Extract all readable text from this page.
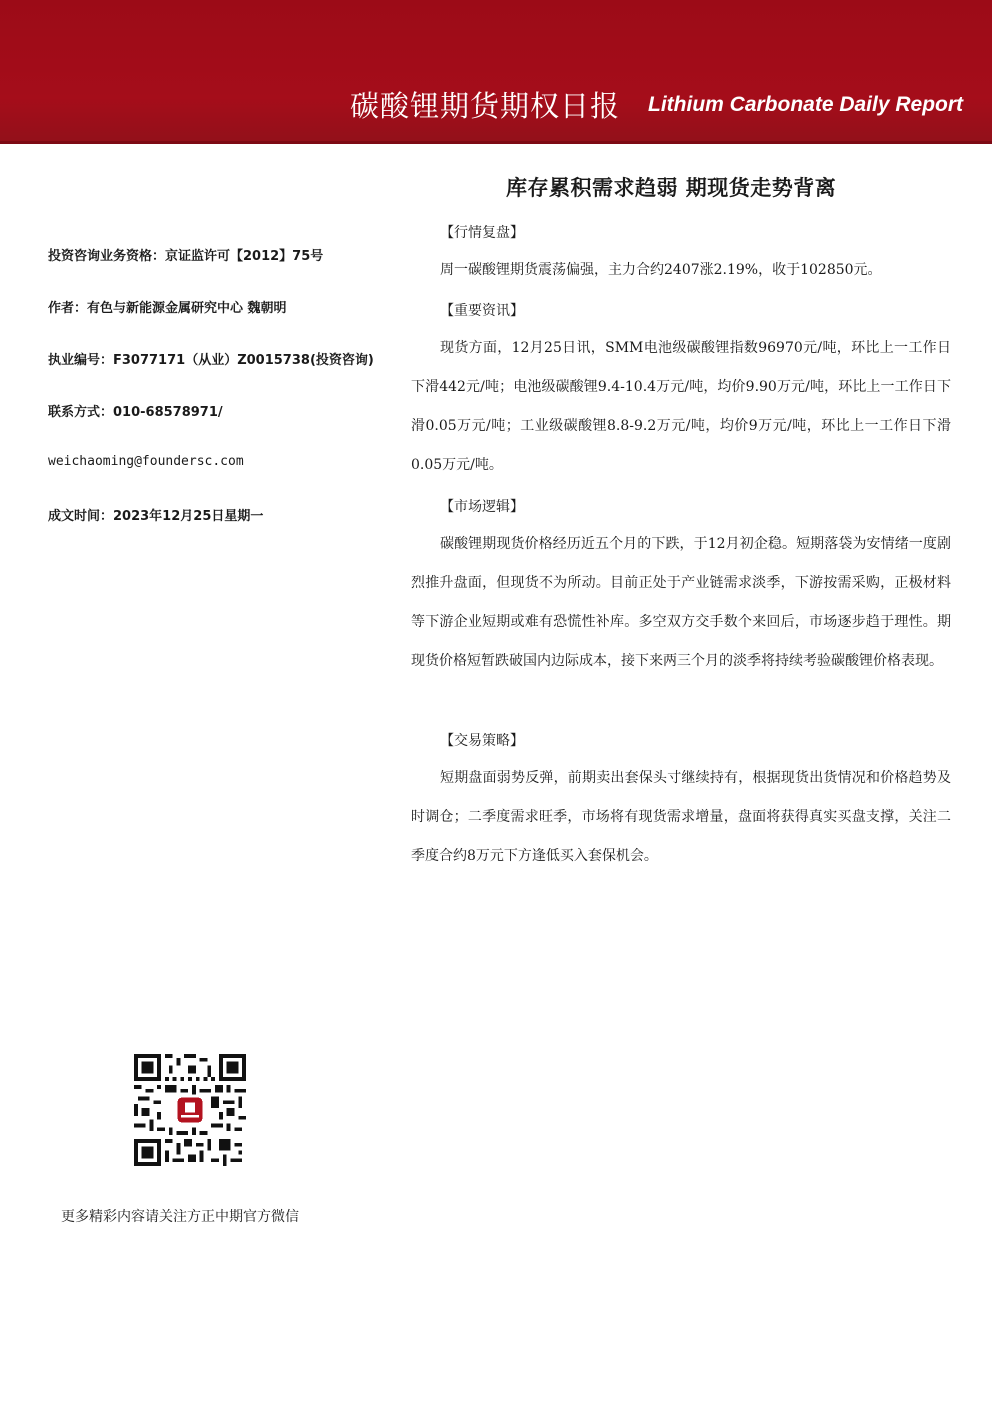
碳酸锂期货期权日报 Lithium Carbonate Daily Report
库存累积需求趋弱 期现货走势背离
投资咨询业务资格：京证监许可【2012】75号
作者：有色与新能源金属研究中心 魏朝明
执业编号：F3077171（从业）Z0015738(投资咨询)
联系方式：010-68578971/
weichaoming@foundersc.com
成文时间：2023年12月25日星期一
【行情复盘】
周一碳酸锂期货震荡偏强，主力合约2407涨2.19%，收于102850元。
【重要资讯】
现货方面，12月25日讯，SMM电池级碳酸锂指数96970元/吨，环比上一工作日下滑442元/吨；电池级碳酸锂9.4-10.4万元/吨，均价9.90万元/吨，环比上一工作日下滑0.05万元/吨；工业级碳酸锂8.8-9.2万元/吨，均价9万元/吨，环比上一工作日下滑0.05万元/吨。
【市场逻辑】
碳酸锂期现货价格经历近五个月的下跌，于12月初企稳。短期落袋为安情绪一度剧烈推升盘面，但现货不为所动。目前正处于产业链需求淡季，下游按需采购，正极材料等下游企业短期或难有恐慌性补库。多空双方交手数个来回后，市场逐步趋于理性。期现货价格短暂跌破国内边际成本，接下来两三个月的淡季将持续考验碳酸锂价格表现。
【交易策略】
短期盘面弱势反弹，前期卖出套保头寸继续持有，根据现货出货情况和价格趋势及时调仓；二季度需求旺季，市场将有现货需求增量，盘面将获得真实买盘支撑，关注二季度合约8万元下方逢低买入套保机会。
更多精彩内容请关注方正中期官方微信
